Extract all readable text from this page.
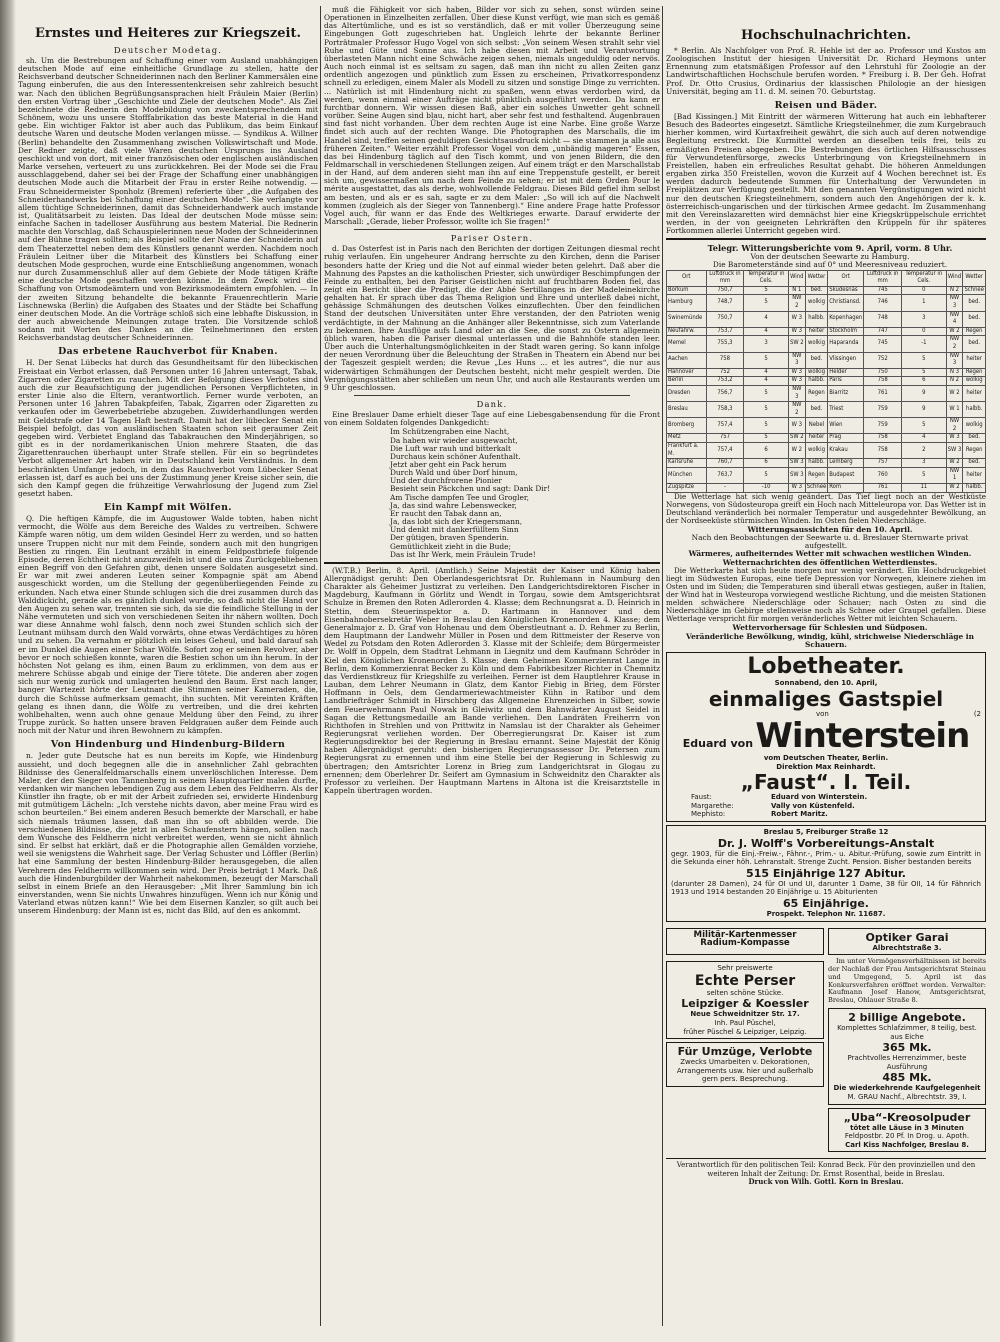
Ernstes und Heiteres zur Kriegszeit.
Deutscher Modetag.

sh. Um die Bestrebungen auf Schaffung einer vom Ausland unabhängigen deutschen Mode auf eine einheitliche Grundlage zu stellen, hatte der Reichsverband deutscher Schneiderinnen nach den Berliner Kammersälen eine Tagung einberufen, die aus den Interessentenkreisen sehr zahlreich besucht war. Nach den üblichen Begrüßungsansprachen hielt Fräulein Maier (Berlin) den ersten Vortrag über „Geschichte und Ziele der deutschen Mode“. Als Ziel bezeichnete die Rednerin den Modebildung von zweckentsprechendem mit Schönem, wozu uns unsere Stofffabrikation das beste Material in die Hand gebe. Ein wichtiger Faktor ist aber auch das Publikum, das beim Einkauf deutsche Waren und deutsche Moden verlangen müsse. — Syndikus A. Willner (Berlin) behandelte den Zusammenhang zwischen Volkswirtschaft und Mode. Der Redner zeigte, daß viele Waren deutschen Ursprungs ins Ausland geschickt und von dort, mit einer französischen oder englischen ausländischen Marke versehen, verteuert zu uns zurückkehren. Bei der Mode sei die Frau ausschlaggebend, daher sei bei der Frage der Schaffung einer unabhängigen deutschen Mode auch die Mitarbeit der Frau in erster Reihe notwendig. — Frau Schneidermeister Sponholz (Bremen) referierte über „die Aufgaben des Schneiderhandwerks bei Schaffung einer deutschen Mode“. Sie verlangte vor allem tüchtige Schneiderinnen, damit das Schneiderhandwerk auch imstande ist, Qualitätsarbeit zu leisten. Das Ideal der deutschen Mode müsse sein: einfache Sachen in tadelloser Ausführung aus bestem Material. Die Rednerin machte den Vorschlag, daß Schauspielerinnen neue Moden der Schneiderinnen auf der Bühne tragen sollten; als Beispiel sollte der Name der Schneiderin auf dem Theaterzettel neben dem des Künstlers genannt werden. Nachdem noch Fräulein Leitner über die Mitarbeit des Künstlers bei Schaffung einer deutschen Mode gesprochen, wurde eine Entschließung angenommen, wonach nur durch Zusammenschluß aller auf dem Gebiete der Mode tätigen Kräfte eine deutsche Mode geschaffen werden könne. In dem Zweck wird die Schaffung von Ortsmodeämtern und von Bezirksmodeämtern empfohlen. — In der zweiten Sitzung behandelte die bekannte Frauenrechtlerin Marie Lischnewska (Berlin) die Aufgaben des Staates und der Städte bei Schaffung einer deutschen Mode. An die Vorträge schloß sich eine lebhafte Diskussion, in der auch abweichende Meinungen zutage traten. Die Vorsitzende schloß sodann mit Worten des Dankes an die Teilnehmerinnen den ersten Reichsverbandstag deutscher Schneiderinnen.

Das erbetene Rauchverbot für Knaben.

H. Der Senat Lübecks hat durch das Gesundheitsamt für den lübeckischen Freistaat ein Verbot erlassen, daß Personen unter 16 Jahren untersagt, Tabak, Zigarren oder Zigaretten zu rauchen. Mit der Befolgung dieses Verbotes sind auch die zur Beaufsichtigung der jugendlichen Personen Verpflichteten, in erster Linie also die Eltern, verantwortlich. Ferner wurde verboten, an Personen unter 16 Jahren Tabakpfeifen, Tabak, Zigarren oder Zigaretten zu verkaufen oder im Gewerbebetriebe abzugeben. Zuwiderhandlungen werden mit Geldstrafe oder 14 Tagen Haft bestraft. Damit hat der lübecker Senat ein Beispiel befolgt, das von ausländischen Staaten schon seit geraumer Zeit gegeben wird. Verbietet England das Tabakrauchen den Minderjährigen, so gibt es in der nordamerikanischen Union mehrere Staaten, die das Zigarettenrauchen überhaupt unter Strafe stellen. Für ein so begründetes Verbot allgemeiner Art haben wir in Deutschland kein Verständnis. In dem beschränkten Umfange jedoch, in dem das Rauchverbot vom Lübecker Senat erlassen ist, darf es auch bei uns der Zustimmung jener Kreise sicher sein, die sich den Kampf gegen die frühzeitige Verwahrlosung der Jugend zum Ziel gesetzt haben.

Ein Kampf mit Wölfen.

Q. Die heftigen Kämpfe, die im Augustower Walde tobten, haben nicht vermocht, die Wölfe aus dem Bereiche des Waldes zu vertreiben. Schwere Kämpfe waren nötig, um dem wilden Gesindel Herr zu werden, und so hatten unsere Truppen nicht nur mit dem Feinde, sondern auch mit den hungrigen Bestien zu ringen. Ein Leutnant erzählt in einem Feldpostbriefe folgende Episode, deren Echtheit nicht anzuzweifeln ist und die uns Zurückgebliebenen einen Begriff von den Gefahren gibt, denen unsere Soldaten ausgesetzt sind. Er war mit zwei anderen Leuten seiner Kompagnie spät am Abend ausgeschickt worden, um die Stellung der gegenüberliegenden Feinde zu erkunden. Nach etwa einer Stunde schlugen sich die drei zusammen durch das Walddickicht, gerade als es gänzlich dunkel wurde, so daß nicht die Hand vor den Augen zu sehen war, trennten sie sich, da sie die feindliche Stellung in der Nähe vermuteten und sich von verschiedenen Seiten ihr nähern wollten. Doch war diese Annahme wohl falsch, denn noch zwei Stunden schlich sich der Leutnant mühsam durch den Wald vorwärts, ohne etwas Verdächtiges zu hören und zu sehen. Da vernahm er plötzlich ein leises Geheul, und bald darauf sah er im Dunkel die Augen einer Schar Wölfe. Sofort zog er seinen Revolver, aber bevor er noch schießen konnte, waren die Bestien schon um ihn herum. In der höchsten Not gelang es ihm, einen Baum zu erklimmen, von dem aus er mehrere Schüsse abgab und einige der Tiere tötete. Die anderen aber zogen sich nur wenig zurück und umlagerten heulend den Baum. Erst nach langer, banger Wartezeit hörte der Leutnant die Stimmen seiner Kameraden, die, durch die Schüsse aufmerksam gemacht, ihn suchten. Mit vereinten Kräften gelang es ihnen dann, die Wölfe zu vertreiben, und die drei kehrten wohlbehalten, wenn auch ohne genaue Meldung über den Feind, zu ihrer Truppe zurück. So hatten unsere braven Feldgrauen außer dem Feinde auch noch mit der Natur und ihren Bewohnern zu kämpfen.

Von Hindenburg und Hindenburg-Bildern

n. Jeder gute Deutsche hat es nun bereits im Kopfe, wie Hindenburg aussieht, und doch begegnen alle die in ansehnlicher Zahl gebrachten Bildnisse des Generalfeldmarschalls einem unverlöschlichen Interesse. Dem Maler, der den Sieger von Tannenberg in seinem Hauptquartier malen durfte, verdanken wir manchen lebendigen Zug aus dem Leben des Feldherrn. Als der Künstler ihn fragte, ob er mit der Arbeit zufrieden sei, erwiderte Hindenburg mit gutmütigem Lächeln: „Ich verstehe nichts davon, aber meine Frau wird es schon beurteilen.“ Bei einem anderen Besuch bemerkte der Marschall, er habe sich niemals träumen lassen, daß man ihn so oft abbilden werde. Die verschiedenen Bildnisse, die jetzt in allen Schaufenstern hängen, sollen nach dem Wunsche des Feldherrn nicht verbreitet werden, wenn sie nicht ähnlich sind. Er selbst hat erklärt, daß er die Photographie allen Gemälden vorziehe, weil sie wenigstens die Wahrheit sage. Der Verlag Schuster und Löffler (Berlin) hat eine Sammlung der besten Hindenburg-Bilder herausgegeben, die allen Verehrern des Feldherrn willkommen sein wird. Der Preis beträgt 1 Mark. Daß auch die Hindenburgbilder der Wahrheit nahekommen, bezeugt der Marschall selbst in einem Briefe an den Herausgeber: „Mit Ihrer Sammlung bin ich einverstanden, wenn Sie nichts Unwahres hinzufügen. Wenn ich nur König und Vaterland etwas nützen kann!“ Wie bei dem Eisernen Kanzler, so gilt auch bei unserem Hindenburg: der Mann ist es, nicht das Bild, auf den es ankommt.

muß die Fähigkeit vor sich haben, Bilder vor sich zu sehen, sonst würden seine Operationen in Einzelheiten zerfallen. Über diese Kunst verfügt, wie man sich es gemäß das Altertümliche, und es ist so verständlich, daß er mit voller Überzeugung seine Eingebungen Gott zugeschrieben hat. Ungleich lehrte der bekannte Berliner Porträtmaler Professor Hugo Vogel von sich selbst: „Von seinem Wesen strahlt sehr viel Ruhe und Güte und Sonne aus. Ich habe diesen mit Arbeit und Verantwortung überlasteten Mann nicht eine Schwäche zeigen sehen, niemals ungeduldig oder nervös. Auch noch einmal ist es seltsam zu sagen, daß man ihn nicht zu allen Zeiten ganz ordentlich angezogen und pünktlich zum Essen zu erscheinen, Privatkorrespondenz schnell zu erledigen, einem Maler als Modell zu sitzen und sonstige Dinge zu verrichten. ... Natürlich ist mit Hindenburg nicht zu spaßen, wenn etwas verdorben wird, da werden, wenn einmal einer Aufträge nicht pünktlich ausgeführt werden. Da kann er furchtbar donnern. Wir wissen diesen Baß, aber ein solches Unwetter geht schnell vorüber. Seine Augen sind blau, nicht hart, aber sehr fest und festhaltend. Augenbrauen sind fast nicht vorhanden. Über dem rechten Auge ist eine Narbe. Eine große Warze findet sich auch auf der rechten Wange. Die Photographen des Marschalls, die im Handel sind, treffen seinen geduldigen Gesichtsausdruck nicht — sie stammen ja alle aus früheren Zeiten.“ Weiter erzählt Professor Vogel von dem „unbändig mageren“ Essen, das bei Hindenburg täglich auf den Tisch kommt, und von jenen Bildern, die den Feldmarschall in verschiedenen Stellungen zeigen. Auf einem trägt er den Marschallstab in der Hand, auf dem anderen sieht man ihn auf eine Treppenstufe gestellt, er bereit sich um, gewissermaßen um nach dem Feinde zu sehen; er ist mit dem Orden Pour le mérite ausgestattet, das als derbe, wohlwollende Feldgrau. Dieses Bild gefiel ihm selbst am besten, und als er es sah, sagte er zu dem Maler: „So will ich auf die Nachwelt kommen (zugleich als der Sieger von Tannenberg).“ Eine andere Frage hatte Professor Vogel auch, für wann er das Ende des Weltkrieges erwarte. Darauf erwiderte der Marschall: „Gerade, lieber Professor, wollte ich Sie fragen!“

Pariser Ostern.

d. Das Osterfest ist in Paris nach den Berichten der dortigen Zeitungen diesmal recht ruhig verlaufen. Ein ungeheurer Andrang herrschte zu den Kirchen, denn die Pariser besonders hatte der Krieg und die Not auf einmal wieder beten gelehrt. Daß aber die Mahnung des Papstes an die katholischen Priester, sich unwürdiger Beschimpfungen der Feinde zu enthalten, bei den Pariser Geistlichen nicht auf fruchtbaren Boden fiel, das zeigt ein Bericht über die Predigt, die der Abbé Sertillanges in der Madeleinekirche gehalten hat. Er sprach über das Thema Religion und Ehre und unterließ dabei nicht, gehässige Schmähungen des deutschen Volkes einzuflechten. Über den feindlichen Stand der deutschen Universitäten unter Ehre verstanden, der den Patrioten wenig verdächtigte, in der Mahnung an die Anhänger aller Bekenntnisse, sich zum Vaterlande zu bekennen. Ihre Ausflüge aufs Land oder an die See, die sonst zu Ostern allgemein üblich waren, haben die Pariser diesmal unterlassen und die Bahnhöfe standen leer. Über auch die Unterhaltungsmöglichkeiten in der Stadt waren gering. So kann infolge der neuen Verordnung über die Beleuchtung der Straßen in Theatern ein Abend nur bei der Tageszeit gespielt werden; die Revue „Les Huns ... et les autres“, die nur aus widerwärtigen Schmähungen der Deutschen besteht, nicht mehr gespielt werden. Die Vergnügungsstätten aber schließen um neun Uhr, und auch alle Restaurants werden um 9 Uhr geschlossen.

Dank.

Eine Breslauer Dame erhielt dieser Tage auf eine Liebesgabensendung für die Front von einem Soldaten folgendes Dankgedicht:

Im Schützengraben eine Nacht,
Da haben wir wieder ausgewacht,
Die Luft war rauh und bitterkalt
Durchaus kein schöner Aufenthalt.
Jetzt aber geht ein Pack herum
Durch Wald und über Dorf hinum,
Und der durchfrorene Pionier
Besieht sein Päckchen und sagt: Dank Dir!
Am Tische dampfen Tee und Grogler,
Ja, das sind wahre Lebenswecker,
Er raucht den Tabak dann an,
Ja, das lobt sich der Kriegersmann,
Und denkt mit dankerfülltem Sinn
Der gütigen, braven Spenderin.
Gemütlichkeit zieht in die Bude;
Das ist Ihr Werk, mein Fräulein Trude!

(W.T.B.) Berlin, 8. April. (Amtlich.) Seine Majestät der Kaiser und König haben Allergnädigst geruht: Den Oberlandesgerichtsrat Dr. Ruhlemann in Naumburg den Charakter als Geheimer Justizrat zu verleihen. Den Landgerichtsdirektoren Fischer in Magdeburg, Kaufmann in Görlitz und Wendt in Torgau, sowie dem Amtsgerichtsrat Schulze in Bremen den Roten Adlerorden 4. Klasse; dem Rechnungsrat a. D. Heinrich in Stettin, dem Steuerinspektor a. D. Hartmann in Hannover und dem Eisenbahnobersekretär Weber in Breslau den Königlichen Kronenorden 4. Klasse; dem Generalmajor z. D. Graf von Hohenau und dem Oberstleutnant a. D. Rehmer zu Berlin, dem Hauptmann der Landwehr Müller in Posen und dem Rittmeister der Reserve von Wedel zu Potsdam den Roten Adlerorden 3. Klasse mit der Schleife; dem Bürgermeister Dr. Wolff in Oppeln, dem Stadtrat Lehmann in Liegnitz und dem Kaufmann Schröder in Kiel den Königlichen Kronenorden 3. Klasse; dem Geheimen Kommerzienrat Lange in Berlin, dem Kommerzienrat Becker zu Köln und dem Fabrikbesitzer Richter in Chemnitz das Verdienstkreuz für Kriegshilfe zu verleihen. Ferner ist dem Hauptlehrer Krause in Lauban, dem Lehrer Neumann in Glatz, dem Kantor Fiebig in Brieg, dem Förster Hoffmann in Oels, dem Gendarmeriewachtmeister Kühn in Ratibor und dem Landbriefträger Schmidt in Hirschberg das Allgemeine Ehrenzeichen in Silber, sowie dem Feuerwehrmann Paul Nowak in Gleiwitz und dem Bahnwärter August Seidel in Sagan die Rettungsmedaille am Bande verliehen. Den Landräten Freiherrn von Richthofen in Strehlen und von Prittwitz in Namslau ist der Charakter als Geheimer Regierungsrat verliehen worden. Der Oberregierungsrat Dr. Kaiser ist zum Regierungsdirektor bei der Regierung in Breslau ernannt. Seine Majestät der König haben Allergnädigst geruht: den bisherigen Regierungsassessor Dr. Petersen zum Regierungsrat zu ernennen und ihm eine Stelle bei der Regierung in Schleswig zu übertragen; den Amtsrichter Lorenz in Brieg zum Landgerichtsrat in Glogau zu ernennen; dem Oberlehrer Dr. Seifert am Gymnasium in Schweidnitz den Charakter als Professor zu verleihen. Der Hauptmann Martens in Altona ist die Kreisarztstelle in Kappeln übertragen worden.

Hochschulnachrichten.

* Berlin. Als Nachfolger von Prof. R. Hehle ist der ao. Professor und Kustos am Zoologischen Institut der hiesigen Universität Dr. Richard Heymons unter Ernennung zum etatsmäßigen Professor auf den Lehrstuhl für Zoologie an der Landwirtschaftlichen Hochschule berufen worden. * Freiburg i. B. Der Geh. Hofrat Prof. Dr. Otto Crusius, Ordinarius der klassischen Philologie an der hiesigen Universität, beging am 11. d. M. seinen 70. Geburtstag.

Reisen und Bäder.

[Bad Kissingen.] Mit Eintritt der wärmeren Witterung hat auch ein lebhafterer Besuch des Badeortes eingesetzt. Sämtliche Kriegsteilnehmer, die zum Kurgebrauch hierher kommen, wird Kurtaxfreiheit gewährt, die sich auch auf deren notwendige Begleitung erstreckt. Die Kurmittel werden an dieselben teils frei, teils zu ermäßigten Preisen abgegeben. Die Bestrebungen des örtlichen Hilfsausschusses für Verwundetenfürsorge, zwecks Unterbringung von Kriegsteilnehmern in Freistellen, haben ein erfreuliches Resultat gehabt. Die höheren Anmeldungen ergaben zirka 350 Freistellen, wovon die Kurzeit auf 4 Wochen berechnet ist. Es werden dadurch bedeutende Summen für Unterhaltung der Verwundeten in Freiplätzen zur Verfügung gestellt. Mit den genannten Vergünstigungen wird nicht nur den deutschen Kriegsteilnehmern, sondern auch den Angehörigen der k. k. österreichisch-ungarischen und der türkischen Armee gedacht. Im Zusammenhang mit den Vereinslazaretten wird demnächst hier eine Kriegskrüppelschule errichtet werden, in der von geeigneten Lehrkräften den Krüppeln für ihr späteres Fortkommen allerlei Unterricht gegeben wird.

Telegr. Witterungsberichte vom 9. April, vorm. 8 Uhr.

Von der deutschen Seewarte zu Hamburg.

Die Barometerstände sind auf 0° und Meeresniveau reduziert.

Ort	Luftdruck in mm	Temperatur in Cels.	Wind	Wetter	Ort	Luftdruck in mm	Temperatur in Cels.	Wind	Wetter
Borkum	750,7	5	N 1	bed.	Skudesnäs	745	0	N 2	Schnee
Hamburg	748,7	5	NW 2	wolkig	Christiansd.	746	1	NW 3	bed.
Swinemünde	750,7	4	W 3	halbb.	Kopenhagen	748	3	NW 4	bed.
Neufahrw.	753,7	4	W 3	heiter	Stockholm	747	0	W 2	Regen
Memel	755,3	3	SW 2	wolkig	Haparanda	745	-1	NW 2	bed.
Aachen	758	5	NW 3	bed.	Vlissingen	752	5	NW 3	heiter
Hannover	752	4	W 3	wolkig	Helder	750	5	N 3	Regen
Berlin	753,2	4	W 3	halbb.	Paris	758	6	N 2	wolkig
Dresden	756,7	5	NW 3	Regen	Biarritz	761	9	W 2	heiter
Breslau	758,3	5	NW 2	bed.	Triest	759	9	W 1	halbb.
Bromberg	757,4	5	W 3	Nebel	Wien	759	5	NW 2	wolkig
Metz	757	5	SW 2	heiter	Prag	758	4	W 3	bed.
Frankfurt a. M.	757,4	6	W 2	wolkig	Krakau	758	2	SW 3	Regen
Karlsruhe	760,7	6	SW 3	halbb.	Lemberg	757	3	W 2	bed.
München	763,7	5	SW 3	Regen	Budapest	760	5	NW 1	heiter
Zugspitze	-	-10	W 3	Schnee	Rom	761	11	W 2	halbb.

Die Wetterlage hat sich wenig geändert. Das Tief liegt noch an der Westküste Norwegens, von Südosteuropa greift ein Hoch nach Mitteleuropa vor. Das Wetter ist in Deutschland veränderlich bei normaler Temperatur und ausgedehnter Bewölkung, an der Nordseeküste stürmischen Winden. Im Osten fielen Niederschläge.

Witterungsaussichten für den 10. April.

Nach den Beobachtungen der Seewarte u. d. Breslauer Sternwarte privat aufgestellt.

Wärmeres, aufheiterndes Wetter mit schwachen westlichen Winden.

Wetternachrichten des öffentlichen Wetterdienstes.

Die Wetterkarte hat sich heute morgen nur wenig verändert. Ein Hochdruckgebiet liegt im Südwesten Europas, eine tiefe Depression vor Norwegen, kleinere ziehen im Osten und im Süden; die Temperaturen sind überall etwas gestiegen, außer in Italien, der Wind hat in Westeuropa vorwiegend westliche Richtung, und die meisten Stationen melden schwächere Niederschläge oder Schauer; nach Osten zu sind die Niederschläge im Gebirge stellenweise noch als Schnee oder Graupel gefallen. Diese Wetterlage verspricht für morgen veränderliches Wetter mit leichten Schauern.

Wettervorhersage für Schlesien und Südposen.

Veränderliche Bewölkung, windig, kühl, strichweise Niederschläge in Schauern.

Lobetheater.
Sonnabend, den 10. April,
einmaliges Gastspiel
von	(2
Eduard von Winterstein
vom Deutschen Theater, Berlin.
Direktion Max Reinhardt.
„Faust“. I. Teil.
Faust:	Eduard von Winterstein.
Margarethe:	Vally von Küstenfeld.
Mephisto:	Robert Maritz.
Breslau 5, Freiburger Straße 12
Dr. J. Wolff's Vorbereitungs-Anstalt
gegr. 1903, für die Einj.-Freiw.-, Fähnr.-, Prim.- u. Abitur.-Prüfung, sowie zum Eintritt in die Sekunda einer höh. Lehranstalt. Strenge Zucht. Pension. Bisher bestanden bereits
515 Einjährige 127 Abitur.
(darunter 28 Damen), 24 für OI und UI, darunter 1 Dame, 38 für OII, 14 für Fähnrich 1913 und 1914 bestanden 20 Einjährige u. 15 Abiturienten
65 Einjährige.
Prospekt. Telephon Nr. 11687.
Militär-Kartenmesser
Radium-Kompasse	Optiker Garai
Albrechtstraße 3.
Sehr preiswerte
Echte Perser
selten schöne Stücke.
Leipziger & Koessler
Neue Schweidnitzer Str. 17.
Inh. Paul Püschel,
früher Püschel & Leipziger, Leipzig.
Für Umzüge, Verlobte
Zwecks Umarbeiten v. Dekorationen, Arrangements usw. hier und außerhalb gern pers. Besprechung.

Im unter Vermögensverhältnissen ist bereits der Nachlaß der Frau Amtsgerichtsrat Steinau und Umgegend, 5. April ist das Konkursverfahren eröffnet worden. Verwalter: Kaufmann Josef Hanow, Amtsgerichtsrat, Breslau, Ohlauer Straße 8.

2 billige Angebote.
Komplettes Schlafzimmer, 8 teilig, best. aus Eiche
365 Mk.
Prachtvolles Herrenzimmer, beste Ausführung
485 Mk.
Die wiederkehrende Kaufgelegenheit
M. GRAU Nachf., Albrechtstr. 39, I.
„Uba“-Kreosolpuder
tötet alle Läuse in 3 Minuten
Feldpostbr. 20 Pf. In Drog. u. Apoth.
Carl Kiss Nachfolger, Breslau 8.
Verantwortlich für den politischen Teil: Konrad Beck. Für den provinziellen und den weiteren Inhalt der Zeitung: Dr. Ernst Rosenthal, beide in Breslau.
Druck von Wilh. Gottl. Korn in Breslau.
